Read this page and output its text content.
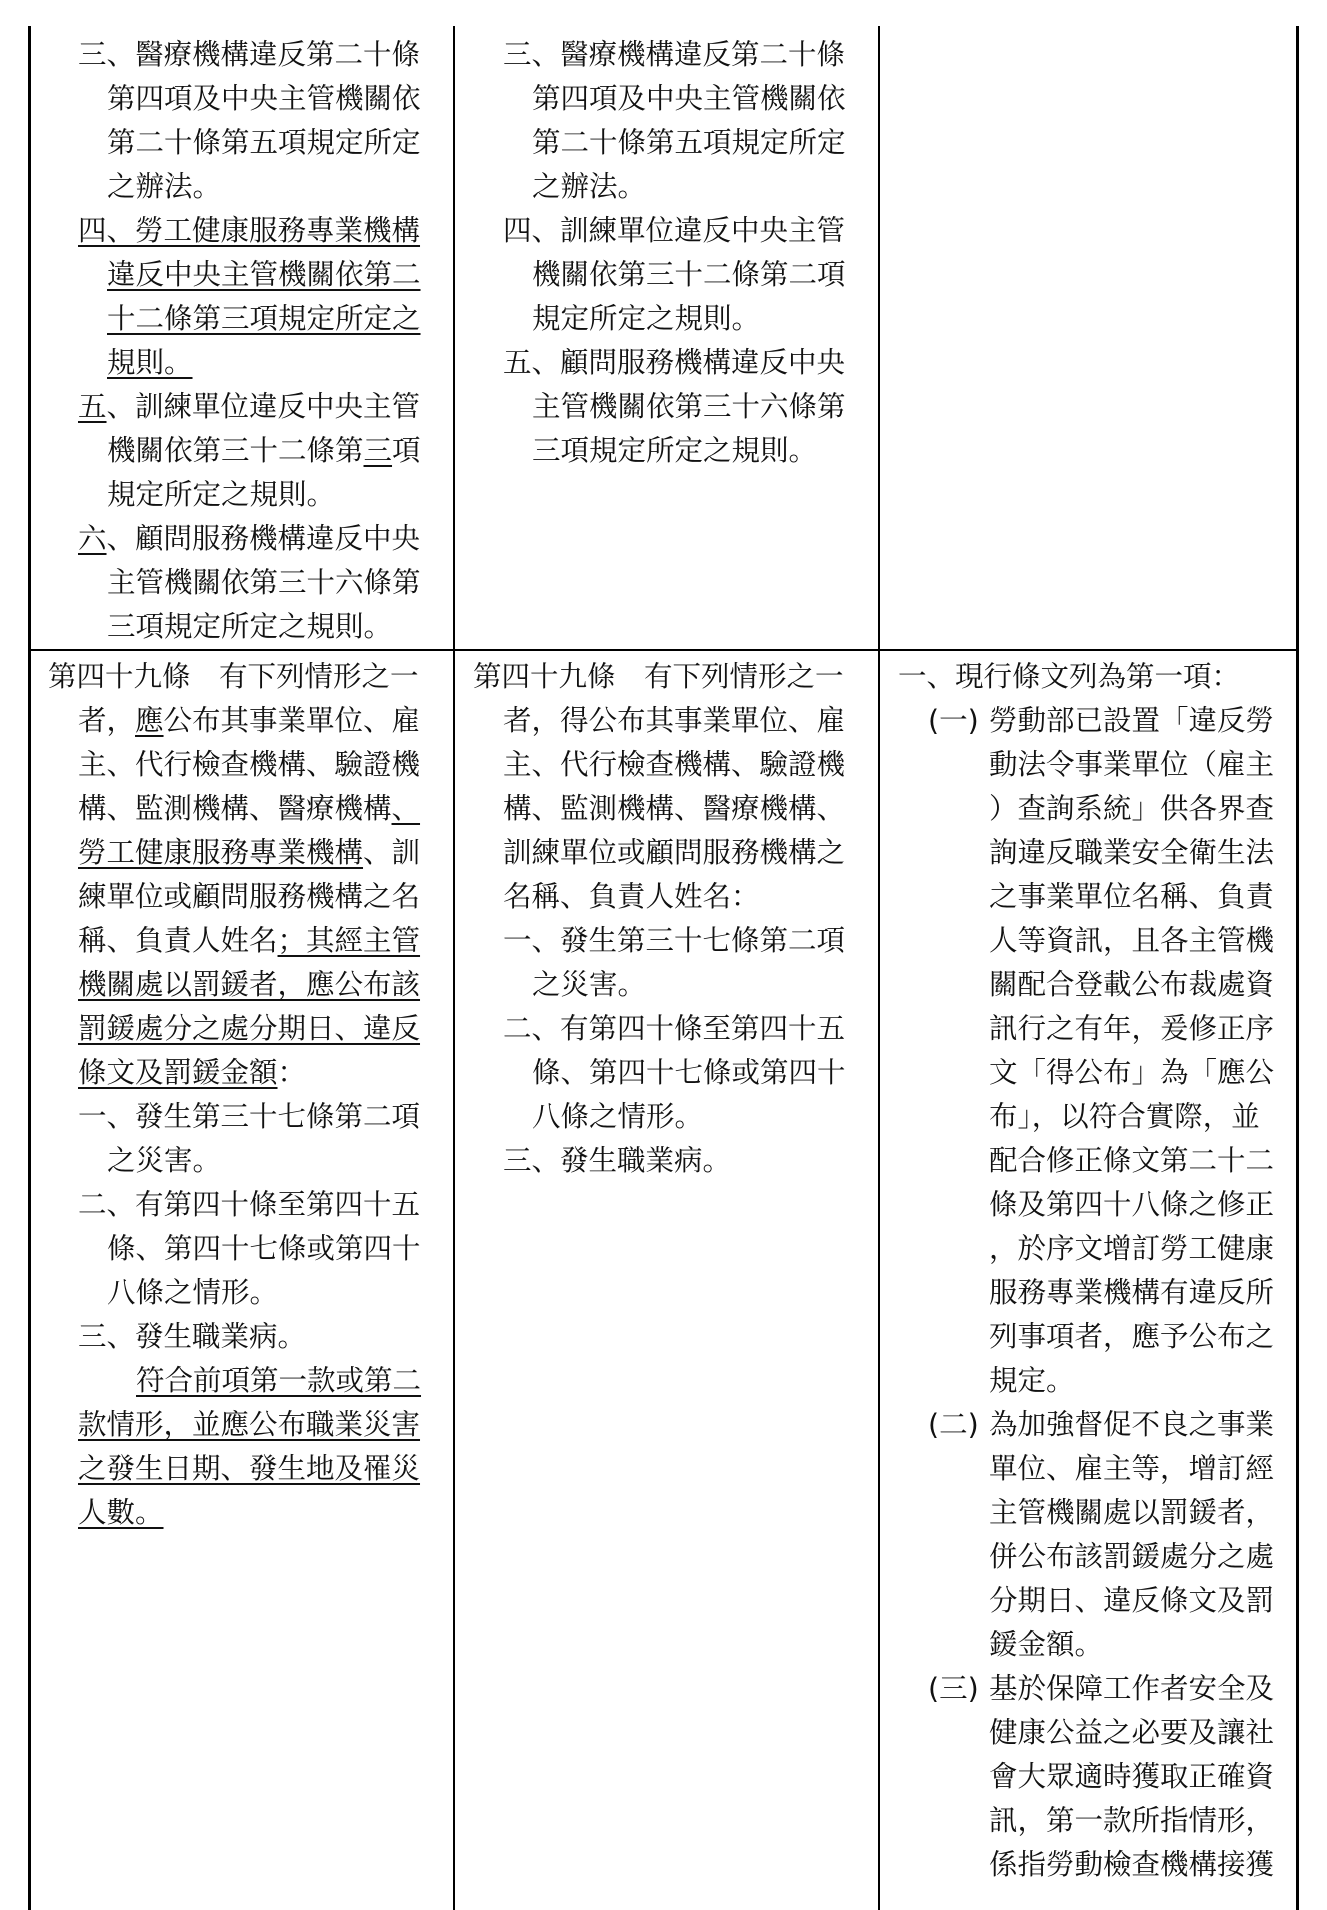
三、醫療機構違反第二十條
第四項及中央主管機關依
第二十條第五項規定所定
之辦法。
四、勞工健康服務專業機構
違反中央主管機關依第二
十二條第三項規定所定之
規則。
五、訓練單位違反中央主管
機關依第三十二條第三項
規定所定之規則。
六、顧問服務機構違反中央
主管機關依第三十六條第
三項規定所定之規則。
三、醫療機構違反第二十條
第四項及中央主管機關依
第二十條第五項規定所定
之辦法。
四、訓練單位違反中央主管
機關依第三十二條第二項
規定所定之規則。
五、顧問服務機構違反中央
主管機關依第三十六條第
三項規定所定之規則。
第四十九條　有下列情形之一
者，應公布其事業單位、雇
主、代行檢查機構、驗證機
構、監測機構、醫療機構、
勞工健康服務專業機構、訓
練單位或顧問服務機構之名
稱、負責人姓名；其經主管
機關處以罰鍰者，應公布該
罰鍰處分之處分期日、違反
條文及罰鍰金額：
一、發生第三十七條第二項
之災害。
二、有第四十條至第四十五
條、第四十七條或第四十
八條之情形。
三、發生職業病。
符合前項第一款或第二
款情形，並應公布職業災害
之發生日期、發生地及罹災
人數。
第四十九條　有下列情形之一
者，得公布其事業單位、雇
主、代行檢查機構、驗證機
構、監測機構、醫療機構、
訓練單位或顧問服務機構之
名稱、負責人姓名：
一、發生第三十七條第二項
之災害。
二、有第四十條至第四十五
條、第四十七條或第四十
八條之情形。
三、發生職業病。
一、現行條文列為第一項：
(一) 勞動部已設置「違反勞
動法令事業單位（雇主
）查詢系統」供各界查
詢違反職業安全衛生法
之事業單位名稱、負責
人等資訊，且各主管機
關配合登載公布裁處資
訊行之有年，爰修正序
文「得公布」為「應公
布」，以符合實際，並
配合修正條文第二十二
條及第四十八條之修正
，於序文增訂勞工健康
服務專業機構有違反所
列事項者，應予公布之
規定。
(二) 為加強督促不良之事業
單位、雇主等，增訂經
主管機關處以罰鍰者，
併公布該罰鍰處分之處
分期日、違反條文及罰
鍰金額。
(三) 基於保障工作者安全及
健康公益之必要及讓社
會大眾適時獲取正確資
訊，第一款所指情形，
係指勞動檢查機構接獲
